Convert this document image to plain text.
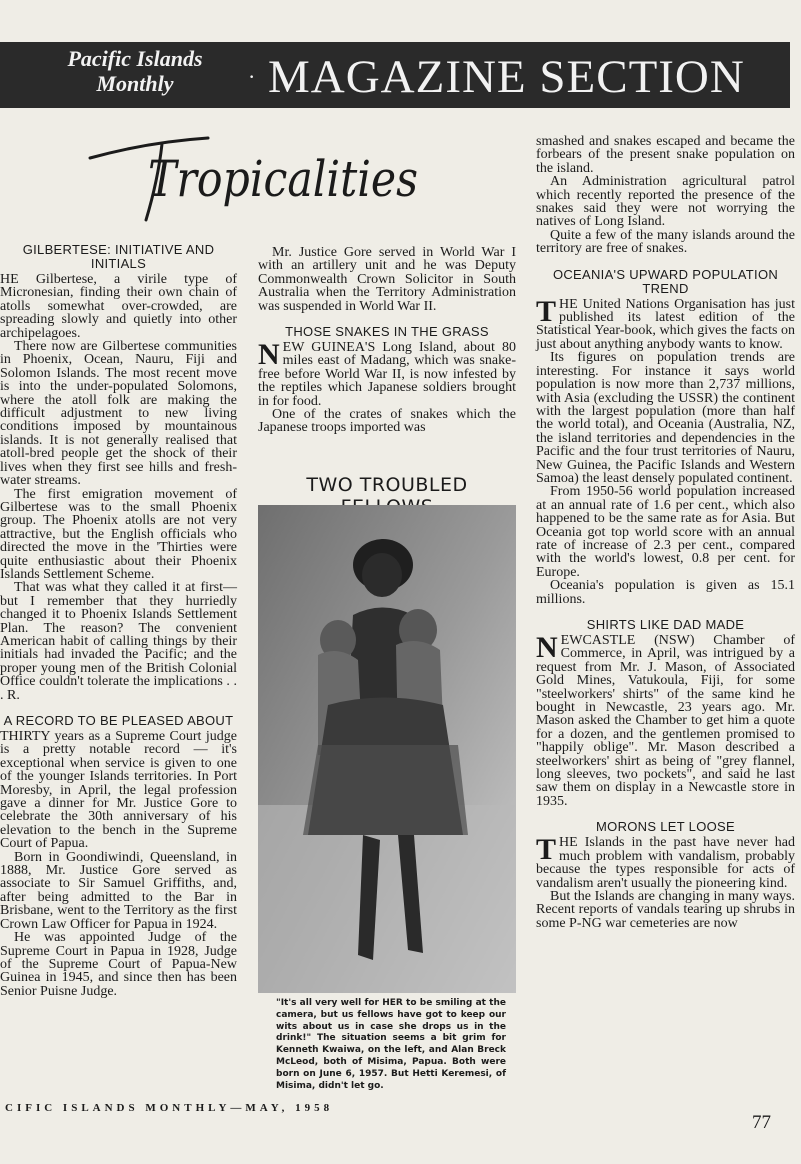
Pacific Islands
Monthly	· MAGAZINE SECTION
Tropicalities
GILBERTESE: INITIATIVE AND INITIALS

HE Gilbertese, a virile type of Micronesian, finding their own chain of atolls somewhat over-crowded, are spreading slowly and quietly into other archipelagoes.

There now are Gilbertese communities in Phoenix, Ocean, Nauru, Fiji and Solomon Islands. The most recent move is into the under-populated Solomons, where the atoll folk are making the difficult adjustment to new living conditions imposed by mountainous islands. It is not generally realised that atoll-bred people get the shock of their lives when they first see hills and fresh-water streams.

The first emigration movement of Gilbertese was to the small Phoenix group. The Phoenix atolls are not very attractive, but the English officials who directed the move in the 'Thirties were quite enthusiastic about their Phoenix Islands Settlement Scheme.

That was what they called it at first—but I remember that they hurriedly changed it to Phoenix Islands Settlement Plan. The reason? The convenient American habit of calling things by their initials had invaded the Pacific; and the proper young men of the British Colonial Office couldn't tolerate the implications . . . R.

A RECORD TO BE PLEASED ABOUT

THIRTY years as a Supreme Court judge is a pretty notable record — it's exceptional when service is given to one of the younger Islands territories. In Port Moresby, in April, the legal profession gave a dinner for Mr. Justice Gore to celebrate the 30th anniversary of his elevation to the bench in the Supreme Court of Papua.

Born in Goondiwindi, Queensland, in 1888, Mr. Justice Gore served as associate to Sir Samuel Griffiths, and, after being admitted to the Bar in Brisbane, went to the Territory as the first Crown Law Officer for Papua in 1924.

He was appointed Judge of the Supreme Court in Papua in 1928, Judge of the Supreme Court of Papua-New Guinea in 1945, and since then has been Senior Puisne Judge.

Mr. Justice Gore served in World War I with an artillery unit and he was Deputy Commonwealth Crown Solicitor in South Australia when the Territory Administration was suspended in World War II.

THOSE SNAKES IN THE GRASS

NEW GUINEA'S Long Island, about 80 miles east of Madang, which was snake-free before World War II, is now infested by the reptiles which Japanese soldiers brought in for food.

One of the crates of snakes which the Japanese troops imported was

TWO TROUBLED
"It's all very well for HER to be smiling at the camera, but us fellows have got to keep our wits about us in case she drops us in the drink!" The situation seems a bit grim for Kenneth Kwaiwa, on the left, and Alan Breck McLeod, both of Misima, Papua. Both were born on June 6, 1957. But Hetti Keremesi, of Misima, didn't let go.

smashed and snakes escaped and became the forbears of the present snake population on the island.

An Administration agricultural patrol which recently reported the presence of the snakes said they were not worrying the natives of Long Island.

Quite a few of the many islands around the territory are free of snakes.

OCEANIA'S UPWARD POPULATION TREND

THE United Nations Organisation has just published its latest edition of the Statistical Year-book, which gives the facts on just about anything anybody wants to know.

Its figures on population trends are interesting. For instance it says world population is now more than 2,737 millions, with Asia (excluding the USSR) the continent with the largest population (more than half the world total), and Oceania (Australia, NZ, the island territories and dependencies in the Pacific and the four trust territories of Nauru, New Guinea, the Pacific Islands and Western Samoa) the least densely populated continent.

From 1950-56 world population increased at an annual rate of 1.6 per cent., which also happened to be the same rate as for Asia. But Oceania got top world score with an annual rate of increase of 2.3 per cent., compared with the world's lowest, 0.8 per cent. for Europe.

Oceania's population is given as 15.1 millions.

SHIRTS LIKE DAD MADE

NEWCASTLE (NSW) Chamber of Commerce, in April, was intrigued by a request from Mr. J. Mason, of Associated Gold Mines, Vatukoula, Fiji, for some "steelworkers' shirts" of the same kind he bought in Newcastle, 23 years ago. Mr. Mason asked the Chamber to get him a quote for a dozen, and the gentlemen promised to "happily oblige". Mr. Mason described a steelworkers' shirt as being of "grey flannel, long sleeves, two pockets", and said he last saw them on display in a Newcastle store in 1935.

MORONS LET LOOSE

THE Islands in the past have never had much problem with vandalism, probably because the types responsible for acts of vandalism aren't usually the pioneering kind.

But the Islands are changing in many ways. Recent reports of vandals tearing up shrubs in some P-NG war cemeteries are now

CIFIC ISLANDS MONTHLY—MAY, 1958
77
